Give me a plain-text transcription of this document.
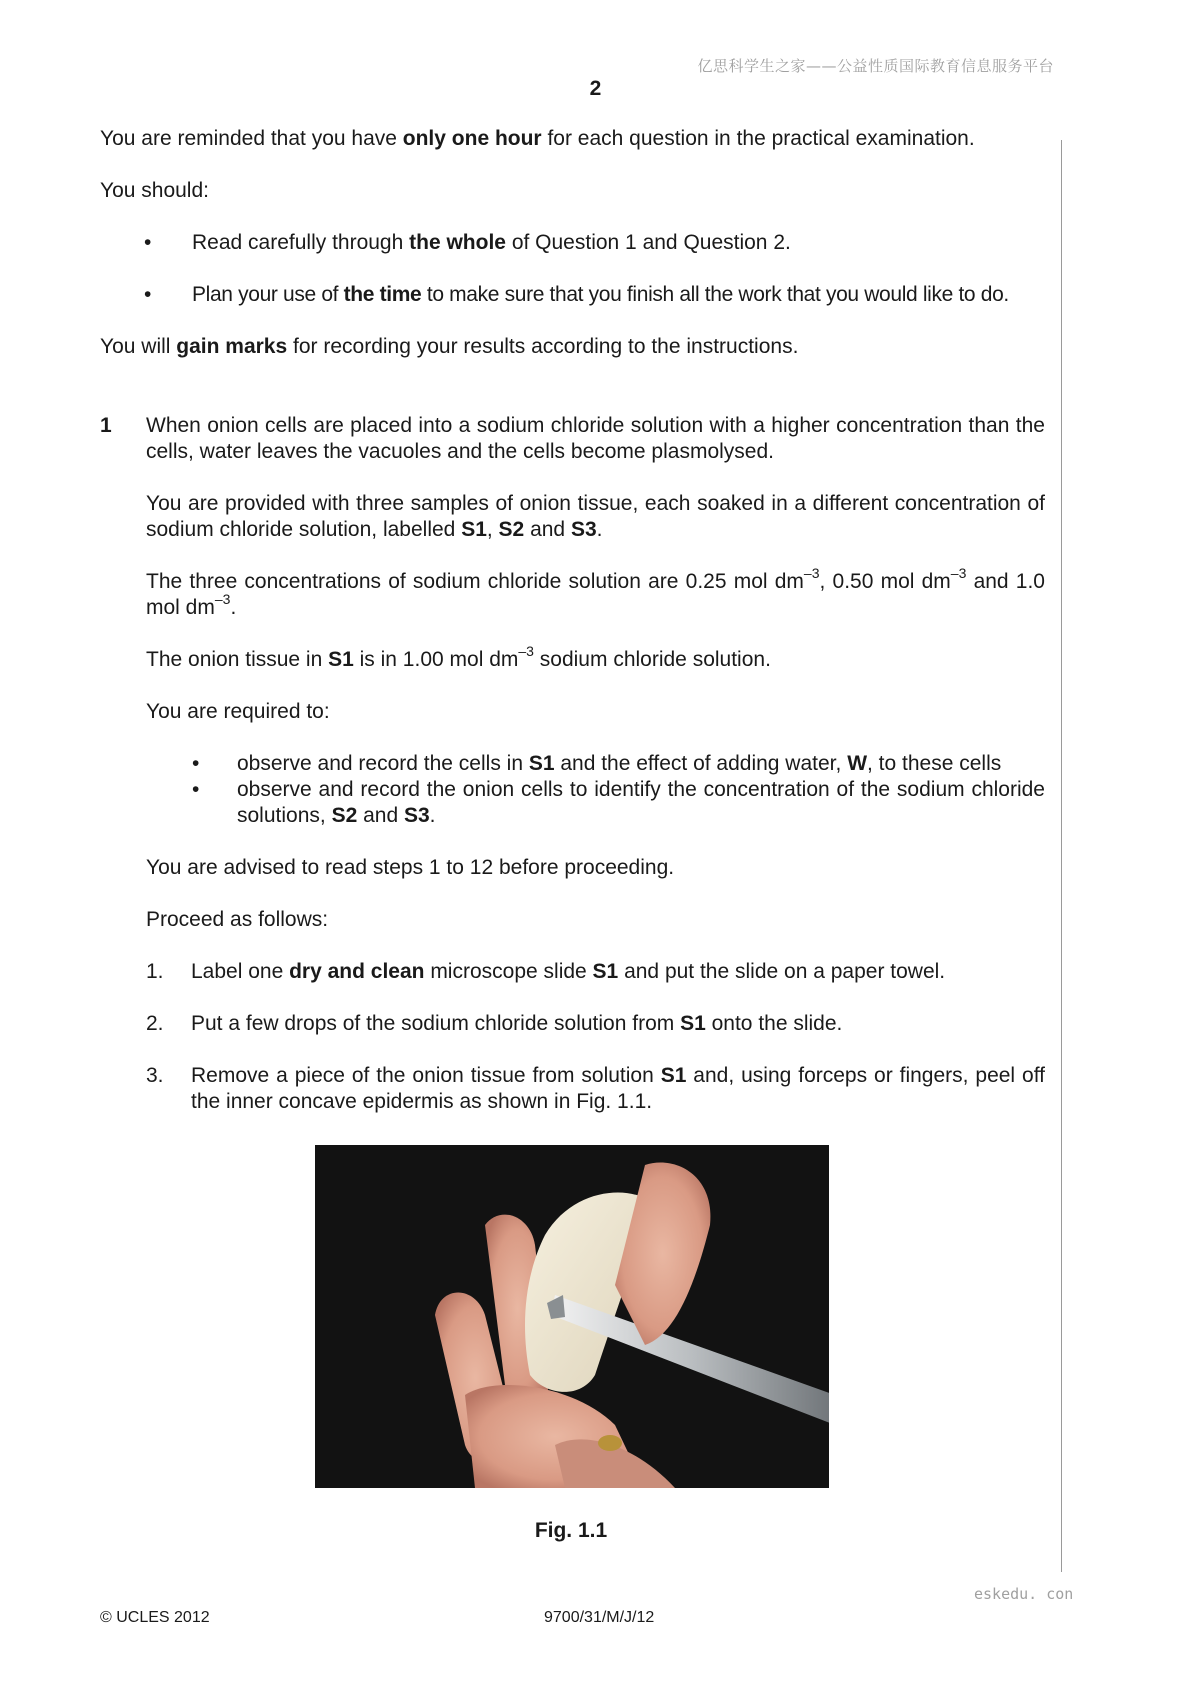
亿思科学生之家——公益性质国际教育信息服务平台
2

You are reminded that you have only one hour for each question in the practical examination.

You should:

• Read carefully through the whole of Question 1 and Question 2.
• Plan your use of the time to make sure that you finish all the work that you would like to do.

You will gain marks for recording your results according to the instructions.

1 When onion cells are placed into a sodium chloride solution with a higher concentration than the cells, water leaves the vacuoles and the cells become plasmolysed.

You are provided with three samples of onion tissue, each soaked in a different concentration of sodium chloride solution, labelled S1, S2 and S3.

The three concentrations of sodium chloride solution are 0.25 mol $dm^{-3}$, 0.50 mol $dm^{-3}$ and 1.0 mol $dm^{-3}$.

The onion tissue in S1 is in 1.00 mol $dm^{-3}$ sodium chloride solution.

You are required to:

• observe and record the cells in S1 and the effect of adding water, W, to these cells
• observe and record the onion cells to identify the concentration of the sodium chloride solutions, S2 and S3.

You are advised to read steps 1 to 12 before proceeding.

Proceed as follows:

1. Label one dry and clean microscope slide S1 and put the slide on a paper towel.
2. Put a few drops of the sodium chloride solution from S1 onto the slide.
3. Remove a piece of the onion tissue from solution S1 and, using forceps or fingers, peel off the inner concave epidermis as shown in Fig. 1.1.
Fig. 1.1
eskedu. con
© UCLES 2012	9700/31/M/J/12
